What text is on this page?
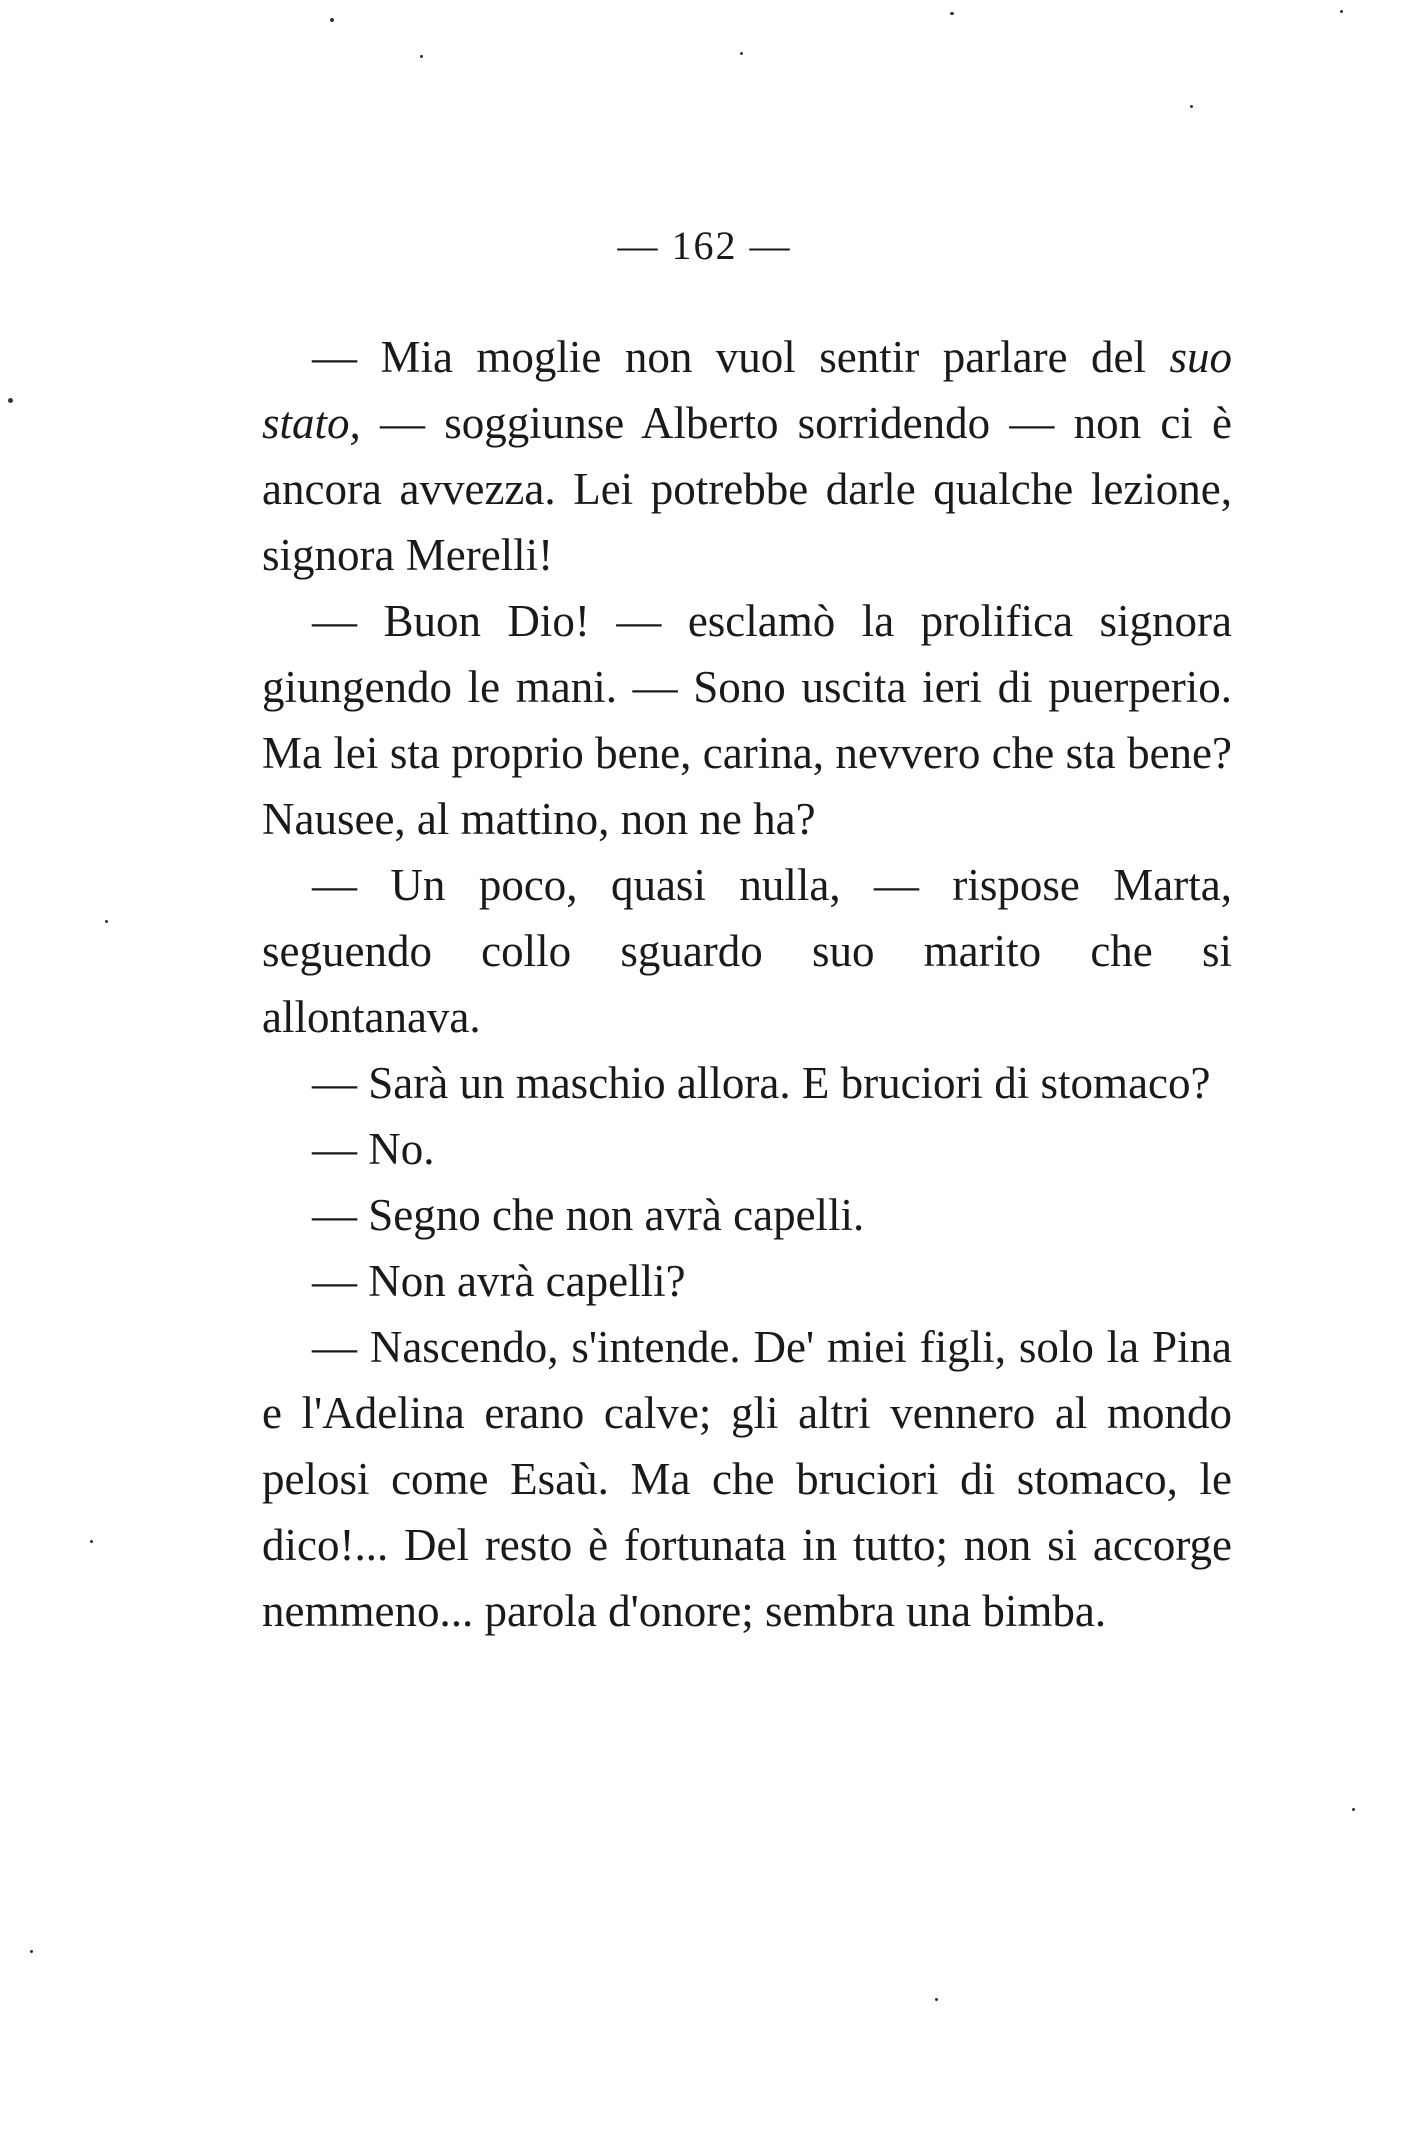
— 162 —

— Mia moglie non vuol sentir parlare del suo stato, — soggiunse Alberto sorridendo — non ci è ancora avvezza. Lei potrebbe darle qualche lezione, signora Merelli!

— Buon Dio! — esclamò la prolifica signora giungendo le mani. — Sono uscita ieri di puerperio. Ma lei sta proprio bene, carina, nevvero che sta bene? Nausee, al mattino, non ne ha?

— Un poco, quasi nulla, — rispose Marta, seguendo collo sguardo suo marito che si allontanava.

— Sarà un maschio allora. E bruciori di stomaco?

— No.

— Segno che non avrà capelli.

— Non avrà capelli?

— Nascendo, s'intende. De' miei figli, solo la Pina e l'Adelina erano calve; gli altri vennero al mondo pelosi come Esaù. Ma che bruciori di stomaco, le dico!... Del resto è fortunata in tutto; non si accorge nemmeno... parola d'onore; sembra una bimba.
